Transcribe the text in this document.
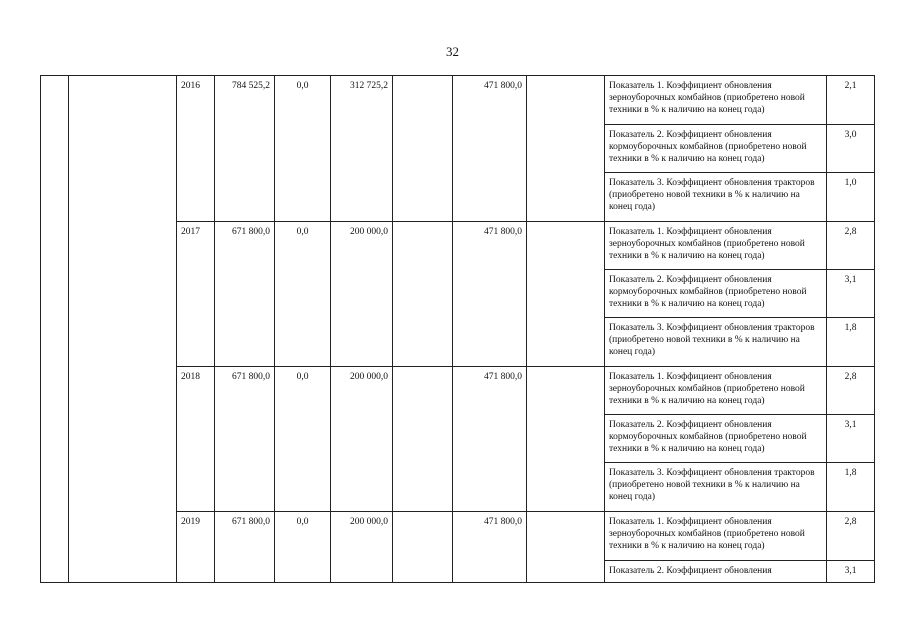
32
		2016	784 525,2	0,0	312 725,2		471 800,0		Показатель 1. Коэффициент обновления зерноуборочных комбайнов (приобретено новой техники в % к наличию на конец года)	2,1
									Показатель 2. Коэффициент обновления кормоуборочных комбайнов (приобретено новой техники в % к наличию на конец года)	3,0
									Показатель 3. Коэффициент обновления тракторов (приобретено новой техники в % к наличию на конец года)	1,0
		2017	671 800,0	0,0	200 000,0		471 800,0		Показатель 1. Коэффициент обновления зерноуборочных комбайнов (приобретено новой техники в % к наличию на конец года)	2,8
									Показатель 2. Коэффициент обновления кормоуборочных комбайнов (приобретено новой техники в % к наличию на конец года)	3,1
									Показатель 3. Коэффициент обновления тракторов (приобретено новой техники в % к наличию на конец года)	1,8
		2018	671 800,0	0,0	200 000,0		471 800,0		Показатель 1. Коэффициент обновления зерноуборочных комбайнов (приобретено новой техники в % к наличию на конец года)	2,8
									Показатель 2. Коэффициент обновления кормоуборочных комбайнов (приобретено новой техники в % к наличию на конец года)	3,1
									Показатель 3. Коэффициент обновления тракторов (приобретено новой техники в % к наличию на конец года)	1,8
		2019	671 800,0	0,0	200 000,0		471 800,0		Показатель 1. Коэффициент обновления зерноуборочных комбайнов (приобретено новой техники в % к наличию на конец года)	2,8
									Показатель 2. Коэффициент обновления	3,1
